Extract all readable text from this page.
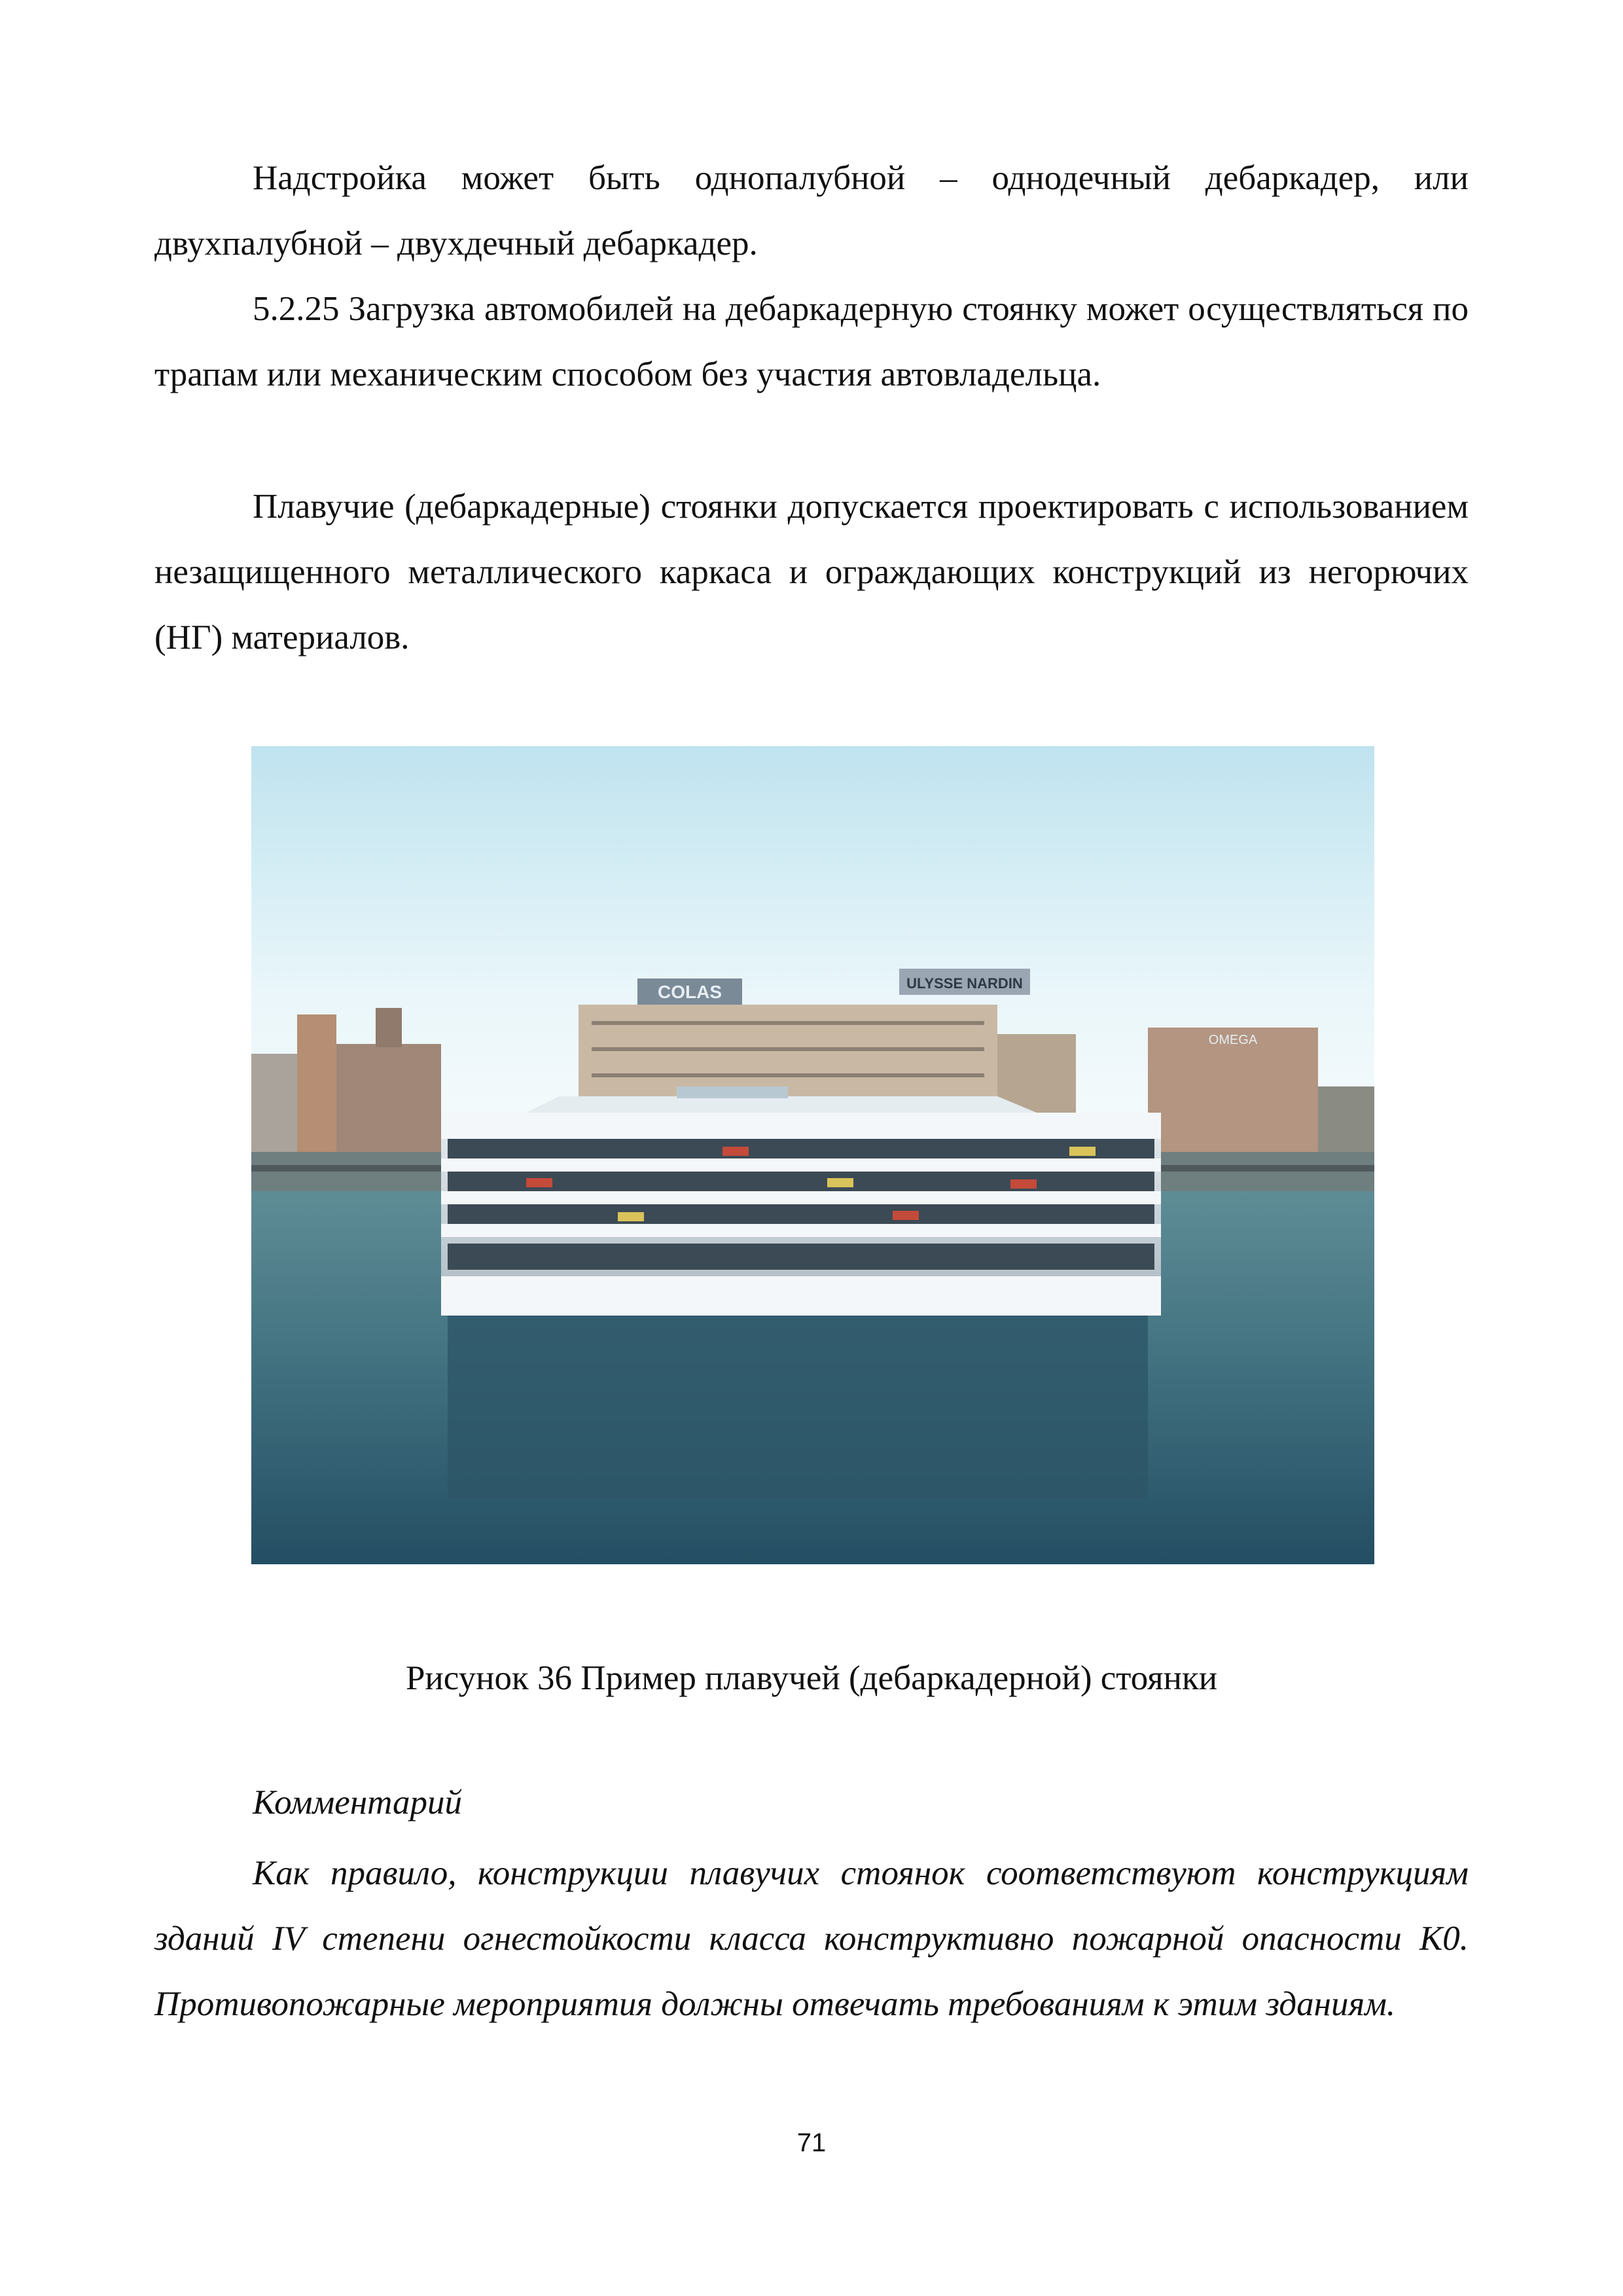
Надстройка может быть однопалубной – однодечный дебаркадер, или двухпалубной – двухдечный дебаркадер.

5.2.25 Загрузка автомобилей на дебаркадерную стоянку может осуществляться по трапам или механическим способом без участия автовладельца.

Плавучие (дебаркадерные) стоянки допускается проектировать с использованием незащищенного металлического каркаса и ограждающих конструкций из негорючих (НГ) материалов.

COLAS	ULYSSE NARDIN
OMEGA
Рисунок 36 Пример плавучей (дебаркадерной) стоянки
Комментарий

Как правило, конструкции плавучих стоянок соответствуют конструкциям зданий IV степени огнестойкости класса конструктивно пожарной опасности К0. Противопожарные мероприятия должны отвечать требованиям к этим зданиям.

71
